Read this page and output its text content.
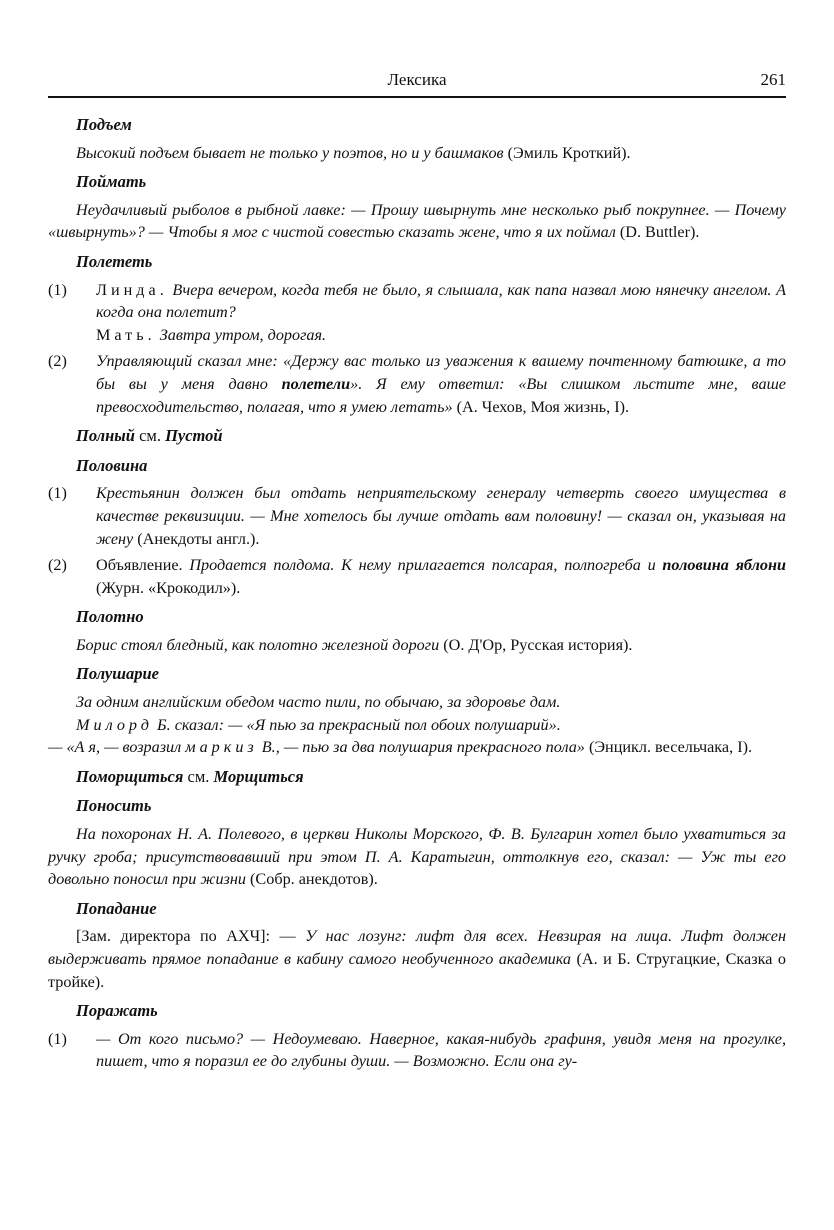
Лексика	261
Подъем
Высокий подъем бывает не только у поэтов, но и у башмаков (Эмиль Кроткий).
Поймать
Неудачливый рыболов в рыбной лавке: — Прошу швырнуть мне несколько рыб покрупнее. — Почему «швырнуть»? — Чтобы я мог с чистой совестью сказать жене, что я их поймал (D. Buttler).
Полететь
(1) Линда. Вчера вечером, когда тебя не было, я слышала, как папа назвал мою нянечку ангелом. А когда она полетит?
Мать. Завтра утром, дорогая.
(2) Управляющий сказал мне: «Держу вас только из уважения к вашему почтенному батюшке, а то бы вы у меня давно полетели». Я ему ответил: «Вы слишком льстите мне, ваше превосходительство, полагая, что я умею летать» (А. Чехов, Моя жизнь, I).
Полный см. Пустой
Половина
(1) Крестьянин должен был отдать неприятельскому генералу четверть своего имущества в качестве реквизиции. — Мне хотелось бы лучше отдать вам половину! — сказал он, указывая на жену (Анекдоты англ.).
(2) Объявление. Продается полдома. К нему прилагается полсарая, полпогреба и половина яблони (Журн. «Крокодил»).
Полотно
Борис стоял бледный, как полотно железной дороги (О. Д'Ор, Русская история).
Полушарие
За одним английским обедом часто пили, по обычаю, за здоровье дам.
Милорд Б. сказал: — «Я пью за прекрасный пол обоих полушарий».
— «А я, — возразил маркиз В., — пью за два полушария прекрасного пола» (Энцикл. весельчака, I).
Поморщиться см. Морщиться
Поносить
На похоронах Н. А. Полевого, в церкви Николы Морского, Ф. В. Булгарин хотел было ухватиться за ручку гроба; присутствовавший при этом П. А. Каратыгин, оттолкнув его, сказал: — Уж ты его довольно поносил при жизни (Собр. анекдотов).
Попадание
[Зам. директора по АХЧ]: — У нас лозунг: лифт для всех. Невзирая на лица. Лифт должен выдерживать прямое попадание в кабину самого необученного академика (А. и Б. Стругацкие, Сказка о тройке).
Поражать
(1) — От кого письмо? — Недоумеваю. Наверное, какая-нибудь графиня, увидя меня на прогулке, пишет, что я поразил ее до глубины души. — Возможно. Если она гу-
